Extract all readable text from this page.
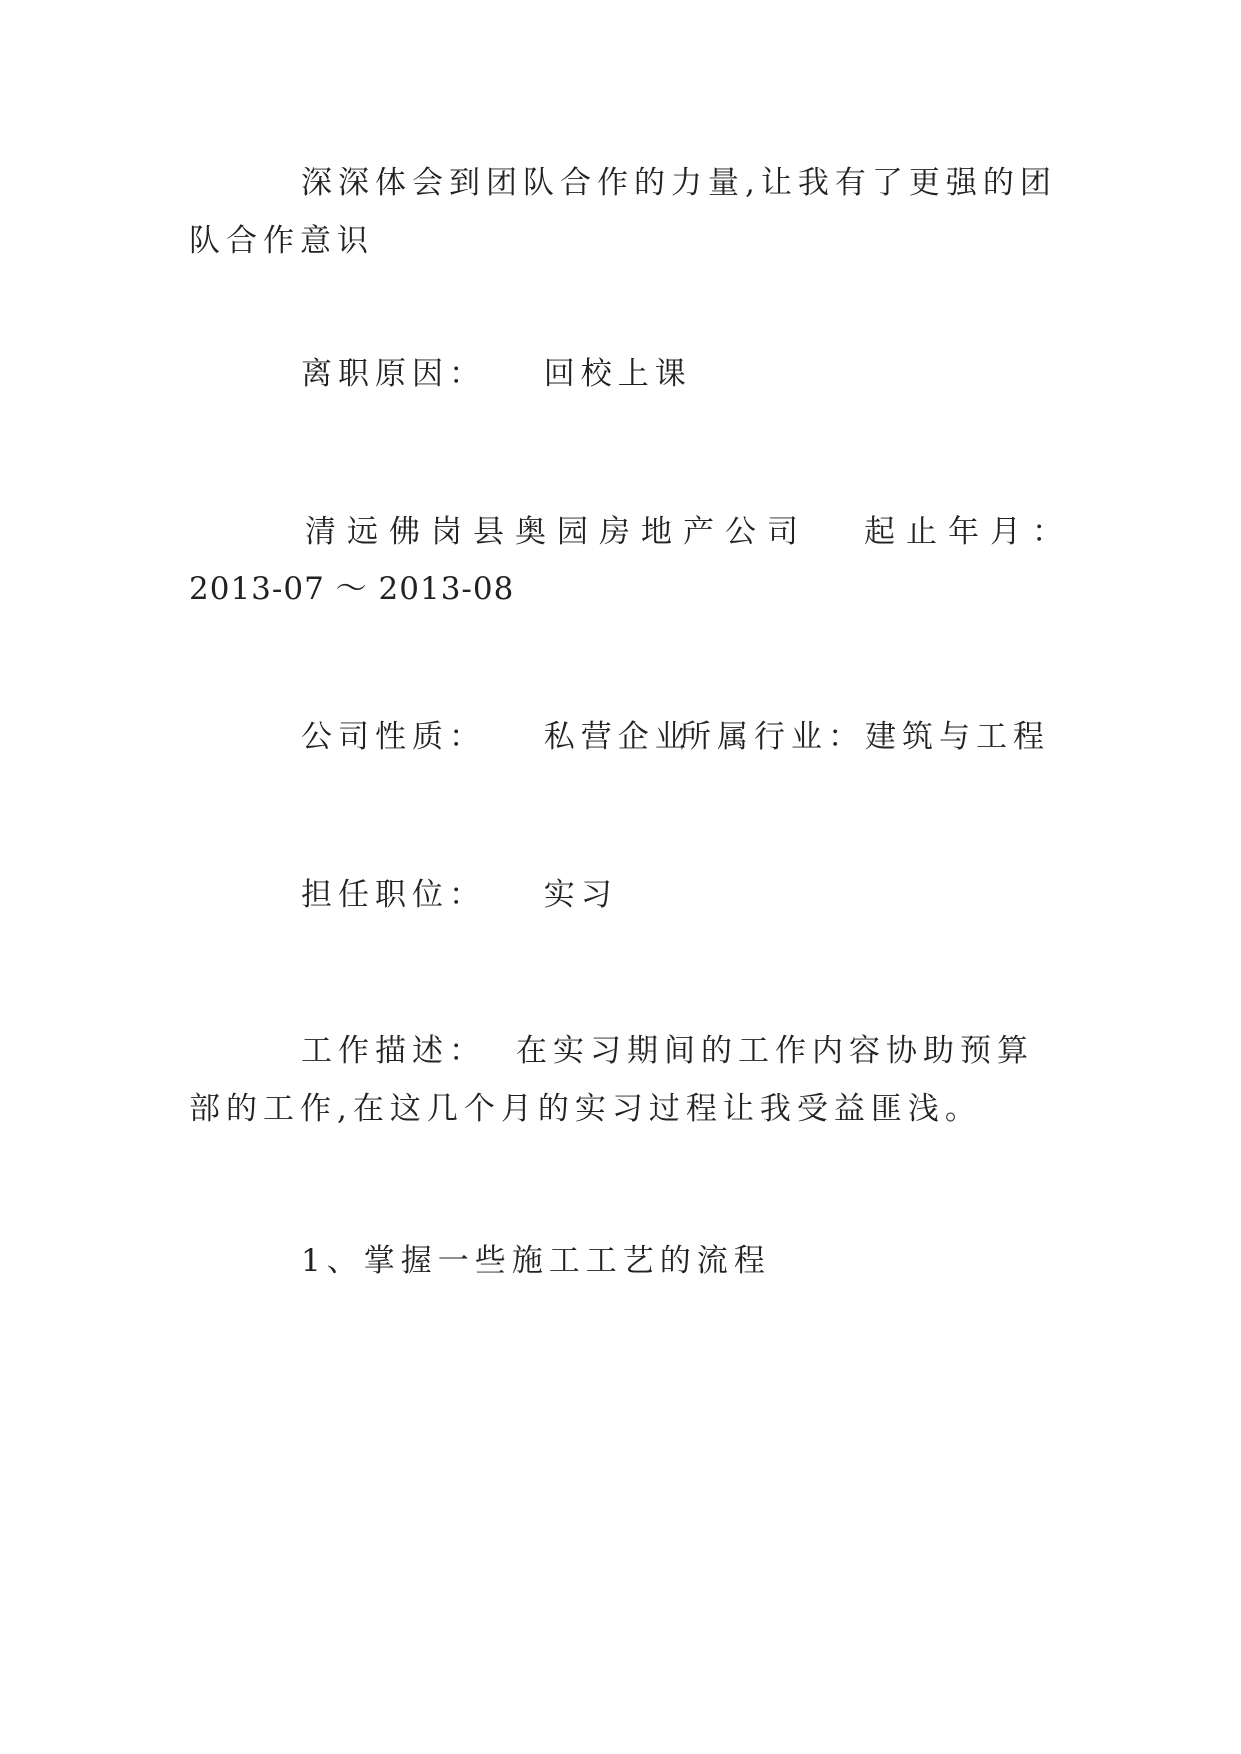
深深体会到团队合作的力量,让我有了更强的团队合作意识

离职原因： 回校上课
清远佛岗县奥园房地产公司 起止年月：
2013-07 ～ 2013-08
公司性质： 私营企业
所属行业：建筑与工程
担任职位： 实习

工作描述： 在实习期间的工作内容协助预算部的工作,在这几个月的实习过程让我受益匪浅。

1、掌握一些施工工艺的流程
